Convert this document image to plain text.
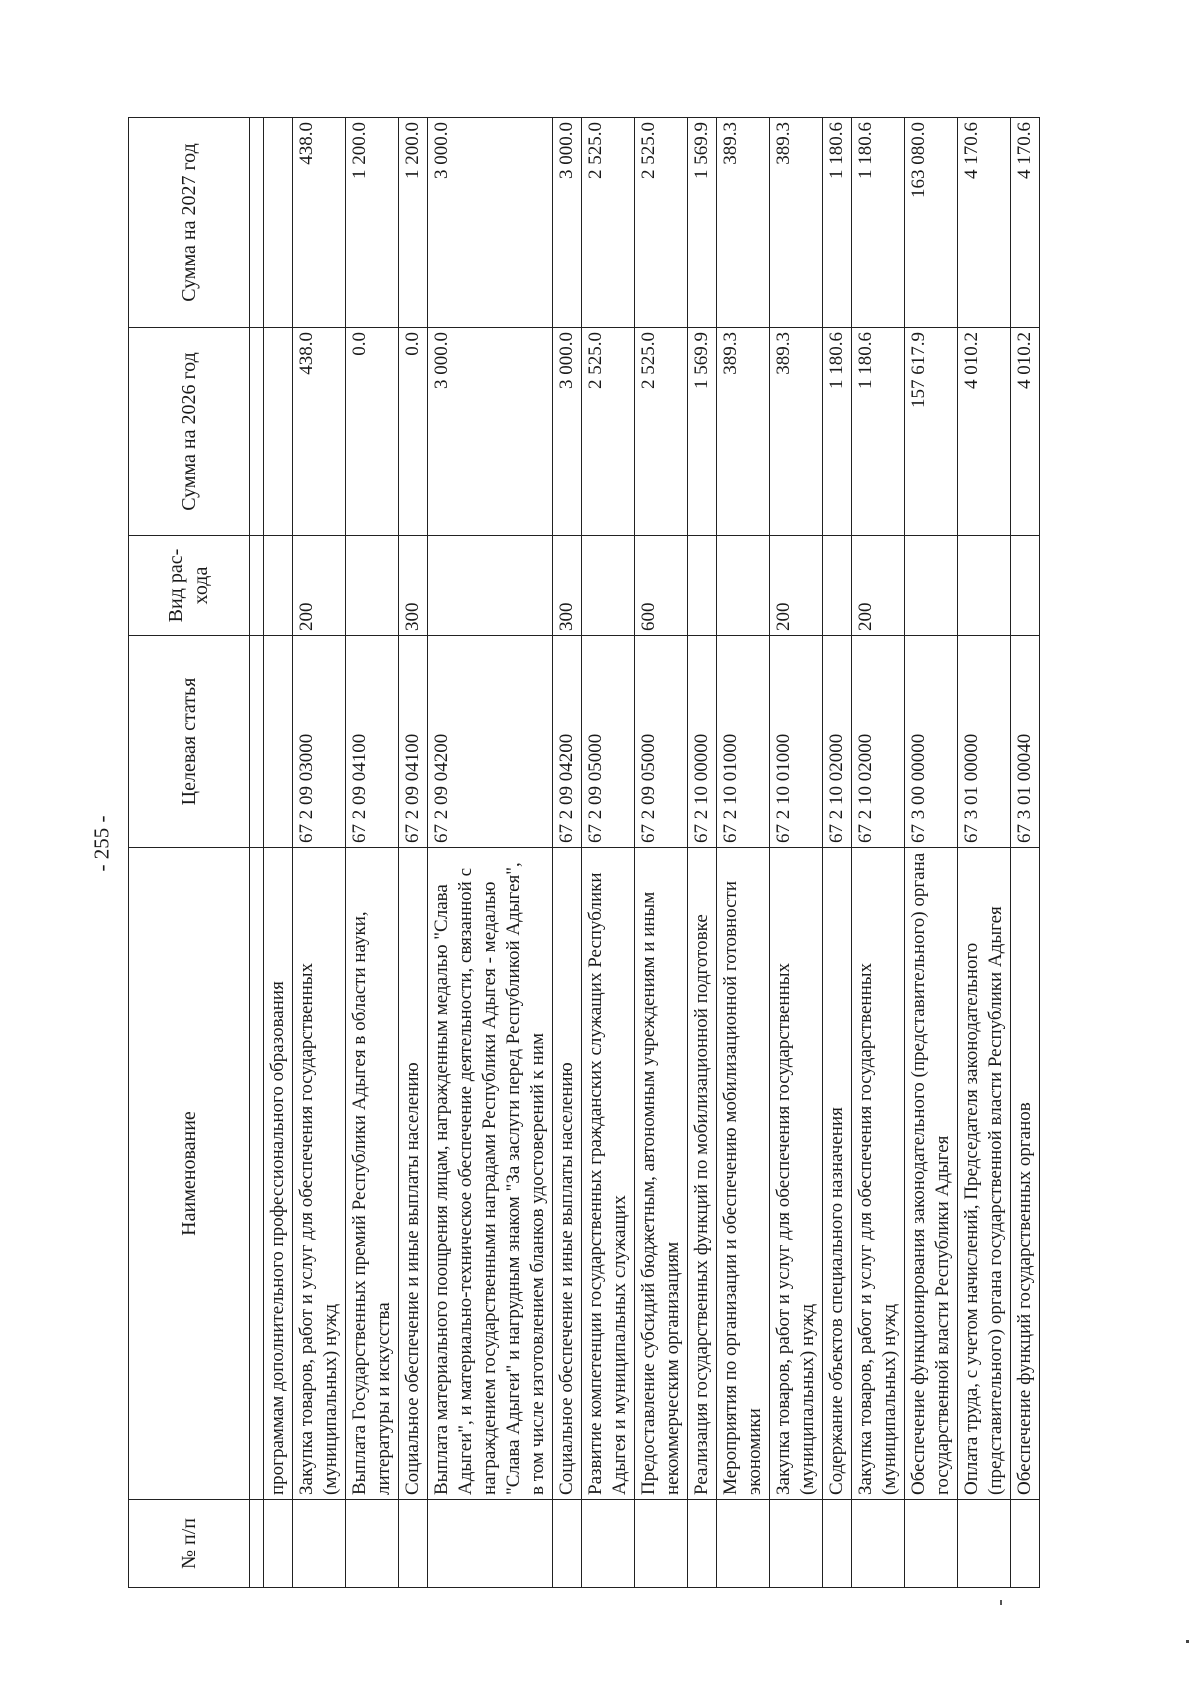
- 255 -
№ п/п	Наименование	Целевая статья	Вид рас-хода	Сумма на 2026 год	Сумма на 2027 год

	программам дополнительного профессионального образования				
	Закупка товаров, работ и услуг для обеспечения государственных (муниципальных) нужд	67 2 09 03000	200	438.0	438.0
	Выплата Государственных премий Республики Адыгея в области науки, литературы и искусства	67 2 09 04100		0.0	1 200.0
	Социальное обеспечение и иные выплаты населению	67 2 09 04100	300	0.0	1 200.0
	Выплата материального поощрения лицам, награжденным медалью "Слава Адыгеи", и материально-техническое обеспечение деятельности, связанной с награждением государственными наградами Республики Адыгея - медалью "Слава Адыгеи" и нагрудным знаком "За заслуги перед Республикой Адыгея", в том числе изготовлением бланков удостоверений к ним	67 2 09 04200		3 000.0	3 000.0
	Социальное обеспечение и иные выплаты населению	67 2 09 04200	300	3 000.0	3 000.0
	Развитие компетенции государственных гражданских служащих Республики Адыгея и муниципальных служащих	67 2 09 05000		2 525.0	2 525.0
	Предоставление субсидий бюджетным, автономным учреждениям и иным некоммерческим организациям	67 2 09 05000	600	2 525.0	2 525.0
	Реализация государственных функций по мобилизационной подготовке	67 2 10 00000		1 569.9	1 569.9
	Мероприятия по организации и обеспечению мобилизационной готовности экономики	67 2 10 01000		389.3	389.3
	Закупка товаров, работ и услуг для обеспечения государственных (муниципальных) нужд	67 2 10 01000	200	389.3	389.3
	Содержание объектов специального назначения	67 2 10 02000		1 180.6	1 180.6
	Закупка товаров, работ и услуг для обеспечения государственных (муниципальных) нужд	67 2 10 02000	200	1 180.6	1 180.6
	Обеспечение функционирования законодательного (представительного) органа государственной власти Республики Адыгея	67 3 00 00000		157 617.9	163 080.0
	Оплата труда, с учетом начислений, Председателя законодательного (представительного) органа государственной власти Республики Адыгея	67 3 01 00000		4 010.2	4 170.6
	Обеспечение функций государственных органов	67 3 01 00040		4 010.2	4 170.6
